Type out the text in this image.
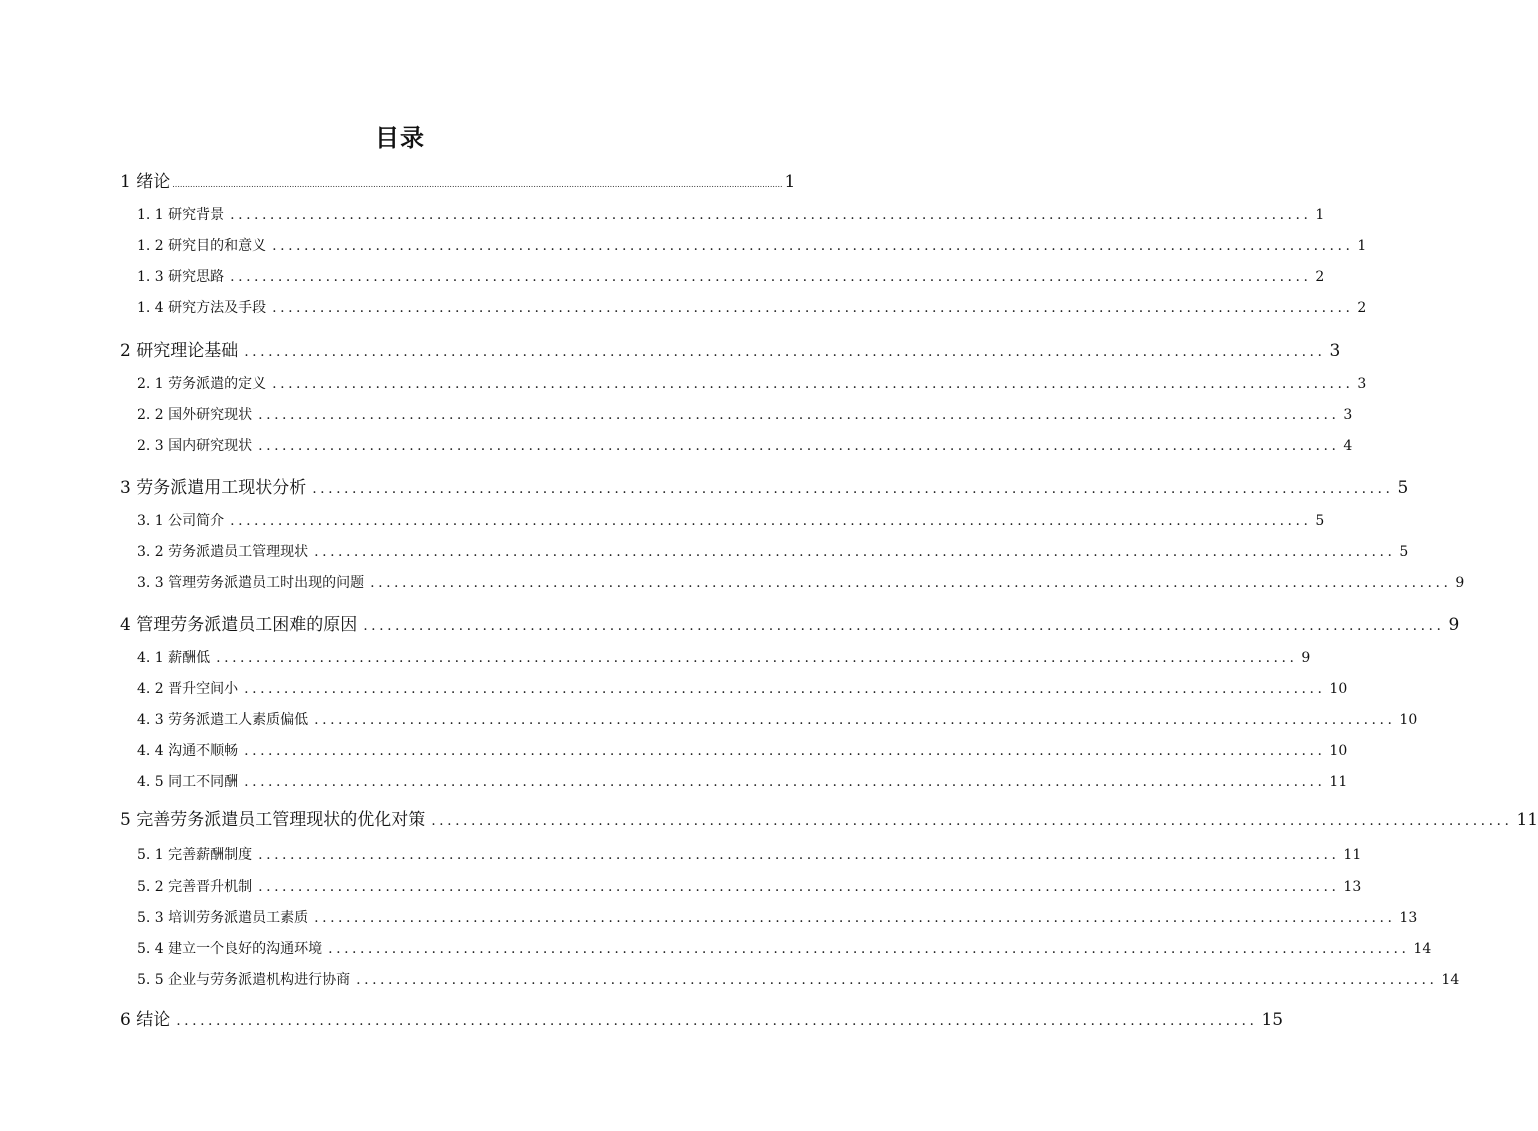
目录
1 绪论 ................................................................................................................................................................................................................................................ 1
1. 1 研究背景 ........................................................................................................................................ 1
1. 2 研究目的和意义 ........................................................................................................................................ 1
1. 3 研究思路 ........................................................................................................................................ 2
1. 4 研究方法及手段 ........................................................................................................................................ 2
2 研究理论基础 ........................................................................................................................................ 3
2. 1 劳务派遣的定义 ........................................................................................................................................ 3
2. 2 国外研究现状 ........................................................................................................................................ 3
2. 3 国内研究现状 ........................................................................................................................................ 4
3 劳务派遣用工现状分析 ........................................................................................................................................ 5
3. 1 公司简介 ........................................................................................................................................ 5
3. 2 劳务派遣员工管理现状 ........................................................................................................................................ 5
3. 3 管理劳务派遣员工时出现的问题 ........................................................................................................................................ 9
4 管理劳务派遣员工困难的原因 ........................................................................................................................................ 9
4. 1 薪酬低 ........................................................................................................................................ 9
4. 2 晋升空间小 ........................................................................................................................................ 10
4. 3 劳务派遣工人素质偏低 ........................................................................................................................................ 10
4. 4 沟通不顺畅 ........................................................................................................................................ 10
4. 5 同工不同酬 ........................................................................................................................................ 11
5 完善劳务派遣员工管理现状的优化对策 ........................................................................................................................................ 11
5. 1 完善薪酬制度 ........................................................................................................................................ 11
5. 2 完善晋升机制 ........................................................................................................................................ 13
5. 3 培训劳务派遣员工素质 ........................................................................................................................................ 13
5. 4 建立一个良好的沟通环境 ........................................................................................................................................ 14
5. 5 企业与劳务派遣机构进行协商 ........................................................................................................................................ 14
6 结论 ........................................................................................................................................ 15
